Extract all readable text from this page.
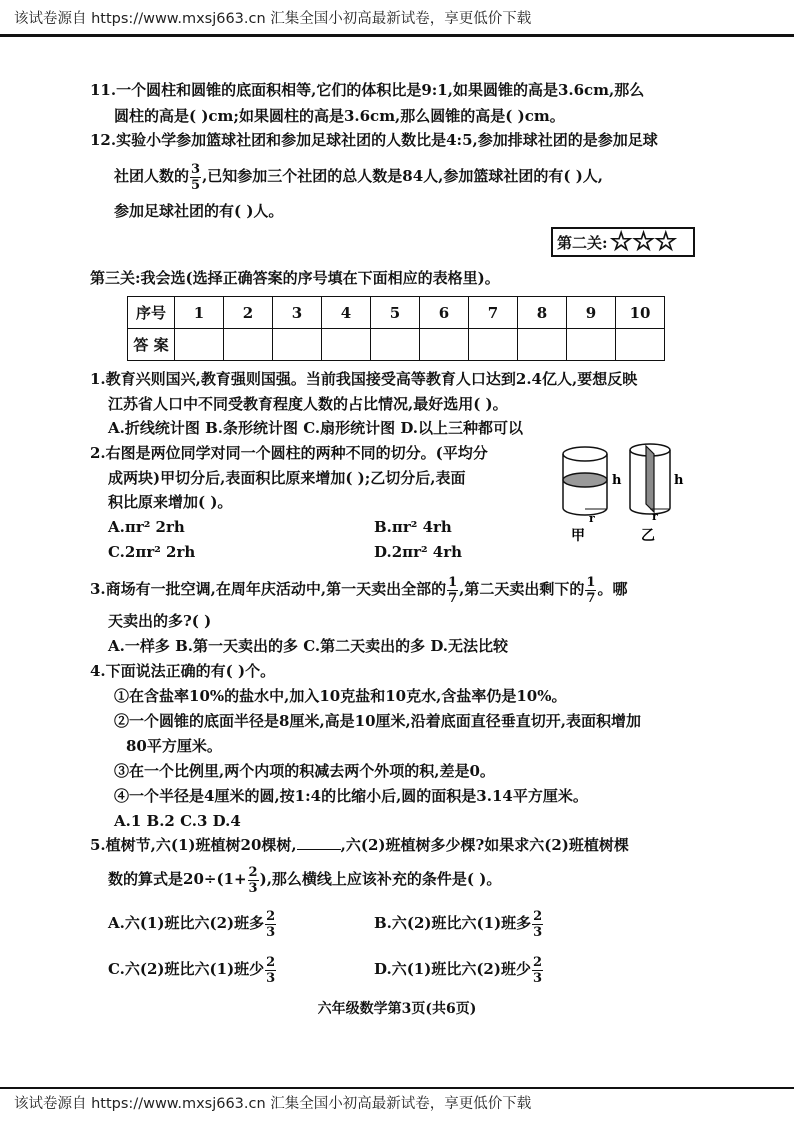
该试卷源自 https://www.mxsj663.cn 汇集全国小初高最新试卷，享更低价下载
11.一个圆柱和圆锥的底面积相等,它们的体积比是9:1,如果圆锥的高是3.6cm,那么
圆柱的高是( )cm;如果圆柱的高是3.6cm,那么圆锥的高是( )cm。
12.实验小学参加篮球社团和参加足球社团的人数比是4:5,参加排球社团的是参加足球
社团人数的 $\frac{3}{5}$ ,已知参加三个社团的总人数是84人,参加篮球社团的有( )人,
参加足球社团的有( )人。
第二关: ☆☆☆
第三关:我会选(选择正确答案的序号填在下面相应的表格里)。
序号	1	2	3	4	5	6	7	8	9	10
答 案										
1.教育兴则国兴,教育强则国强。当前我国接受高等教育人口达到2.4亿人,要想反映
江苏省人口中不同受教育程度人数的占比情况,最好选用( )。
A.折线统计图 B.条形统计图 C.扇形统计图 D.以上三种都可以
2.右图是两位同学对同一个圆柱的两种不同的切分。(平均分
成两块)甲切分后,表面积比原来增加( );乙切分后,表面
积比原来增加( )。
A.πr² 2rh	B.πr² 4rh
C.2πr² 2rh	D.2πr² 4rh
h
r
甲
h
r
乙
3.商场有一批空调,在周年庆活动中,第一天卖出全部的 $\frac{1}{7}$ ,第二天卖出剩下的 $\frac{1}{7}$ 。哪
天卖出的多?( )
A.一样多 B.第一天卖出的多 C.第二天卖出的多 D.无法比较
4.下面说法正确的有( )个。
①在含盐率10%的盐水中,加入10克盐和10克水,含盐率仍是10%。
②一个圆锥的底面半径是8厘米,高是10厘米,沿着底面直径垂直切开,表面积增加
80平方厘米。
③在一个比例里,两个内项的积减去两个外项的积,差是0。
④一个半径是4厘米的圆,按1:4的比缩小后,圆的面积是3.14平方厘米。
A.1 B.2 C.3 D.4
5.植树节,六(1)班植树20棵树,	,六(2)班植树多少棵?如果求六(2)班植树棵
数的算式是$20\div(1+ \frac{2}{3}$ ),那么横线上应该补充的条件是( )。
A.六(1)班比六(2)班多 $\frac{2}{3}$	B.六(2)班比六(1)班多 $\frac{2}{3}$
C.六(2)班比六(1)班少 $\frac{2}{3}$	D.六(1)班比六(2)班少 $\frac{2}{3}$
六年级数学第3页(共6页)
该试卷源自 https://www.mxsj663.cn 汇集全国小初高最新试卷，享更低价下载
